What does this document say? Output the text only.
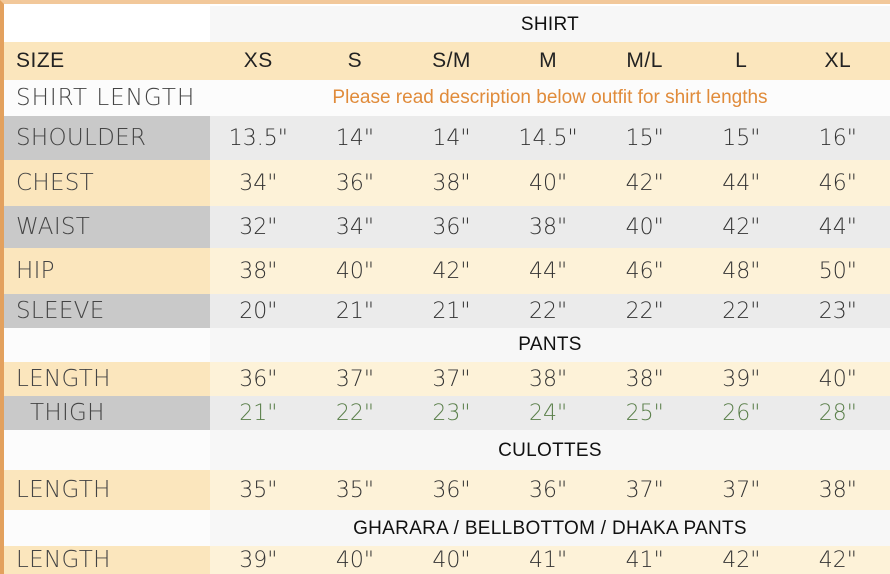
SHIRT
SIZE	XS	S	S/M	M	M/L	L	XL
SHIRT LENGTH	Please read description below outfit for shirt lengths
SHOULDER	13.5"	14"	14"	14.5"	15"	15"	16"
CHEST	34"	36"	38"	40"	42"	44"	46"
WAIST	32"	34"	36"	38"	40"	42"	44"
HIP	38"	40"	42"	44"	46"	48"	50"
SLEEVE	20"	21"	21"	22"	22"	22"	23"
PANTS
LENGTH	36"	37"	37"	38"	38"	39"	40"
THIGH	21"	22"	23"	24"	25"	26"	28"
CULOTTES
LENGTH	35"	35"	36"	36"	37"	37"	38"
GHARARA / BELLBOTTOM / DHAKA PANTS
LENGTH	39"	40"	40"	41"	41"	42"	42"
